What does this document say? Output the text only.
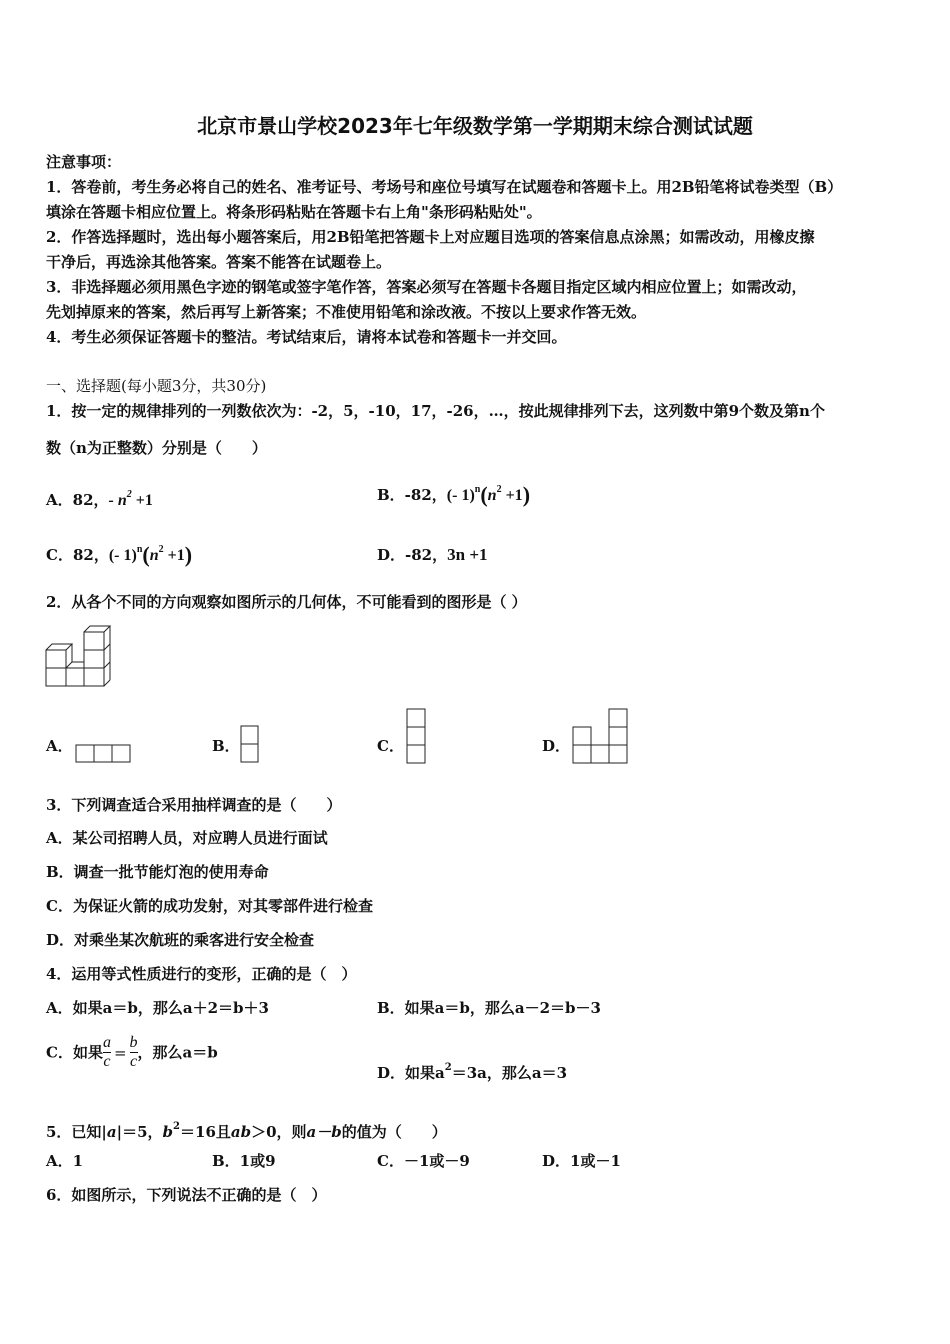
北京市景山学校2023年七年级数学第一学期期末综合测试试题
注意事项：
1．答卷前，考生务必将自己的姓名、准考证号、考场号和座位号填写在试题卷和答题卡上。用2B铅笔将试卷类型（B）
填涂在答题卡相应位置上。将条形码粘贴在答题卡右上角"条形码粘贴处"。
2．作答选择题时，选出每小题答案后，用2B铅笔把答题卡上对应题目选项的答案信息点涂黑；如需改动，用橡皮擦
干净后，再选涂其他答案。答案不能答在试题卷上。
3．非选择题必须用黑色字迹的钢笔或签字笔作答，答案必须写在答题卡各题目指定区域内相应位置上；如需改动，
先划掉原来的答案，然后再写上新答案；不准使用铅笔和涂改液。不按以上要求作答无效。
4．考生必须保证答题卡的整洁。考试结束后，请将本试卷和答题卡一并交回。
一、选择题(每小题3分，共30分)
1．按一定的规律排列的一列数依次为：-2，5，-10，17，-26，…，按此规律排列下去，这列数中第9个数及第n个
数（n为正整数）分别是（　　）
A．82，- $n^2 +1$	B．-82，(- $1)^n(n^2 +1)$
C．82，(- $1)^n(n^2 +1)$	D．-82，3n +1
2．从各个不同的方向观察如图所示的几何体，不可能看到的图形是（ ）
A．	B．	C．	D．
3．下列调查适合采用抽样调查的是（　　）
A．某公司招聘人员，对应聘人员进行面试
B．调查一批节能灯泡的使用寿命
C．为保证火箭的成功发射，对其零部件进行检查
D．对乘坐某次航班的乘客进行安全检查
4．运用等式性质进行的变形，正确的是（　）
A．如果a＝b，那么a＋2＝b＋3	B．如果a＝b，那么a－2＝b－3
C．如果 $\frac{a}{c} = \frac{b}{c}$ ，那么a＝b
D．如果$a^2=3a$，那么a＝3
5．已知|a|＝5，$b^2=16$且ab＞0，则a－b的值为（　　）
A．1	B．1或9	C．－1或－9	D．1或－1
6．如图所示，下列说法不正确的是（　）
